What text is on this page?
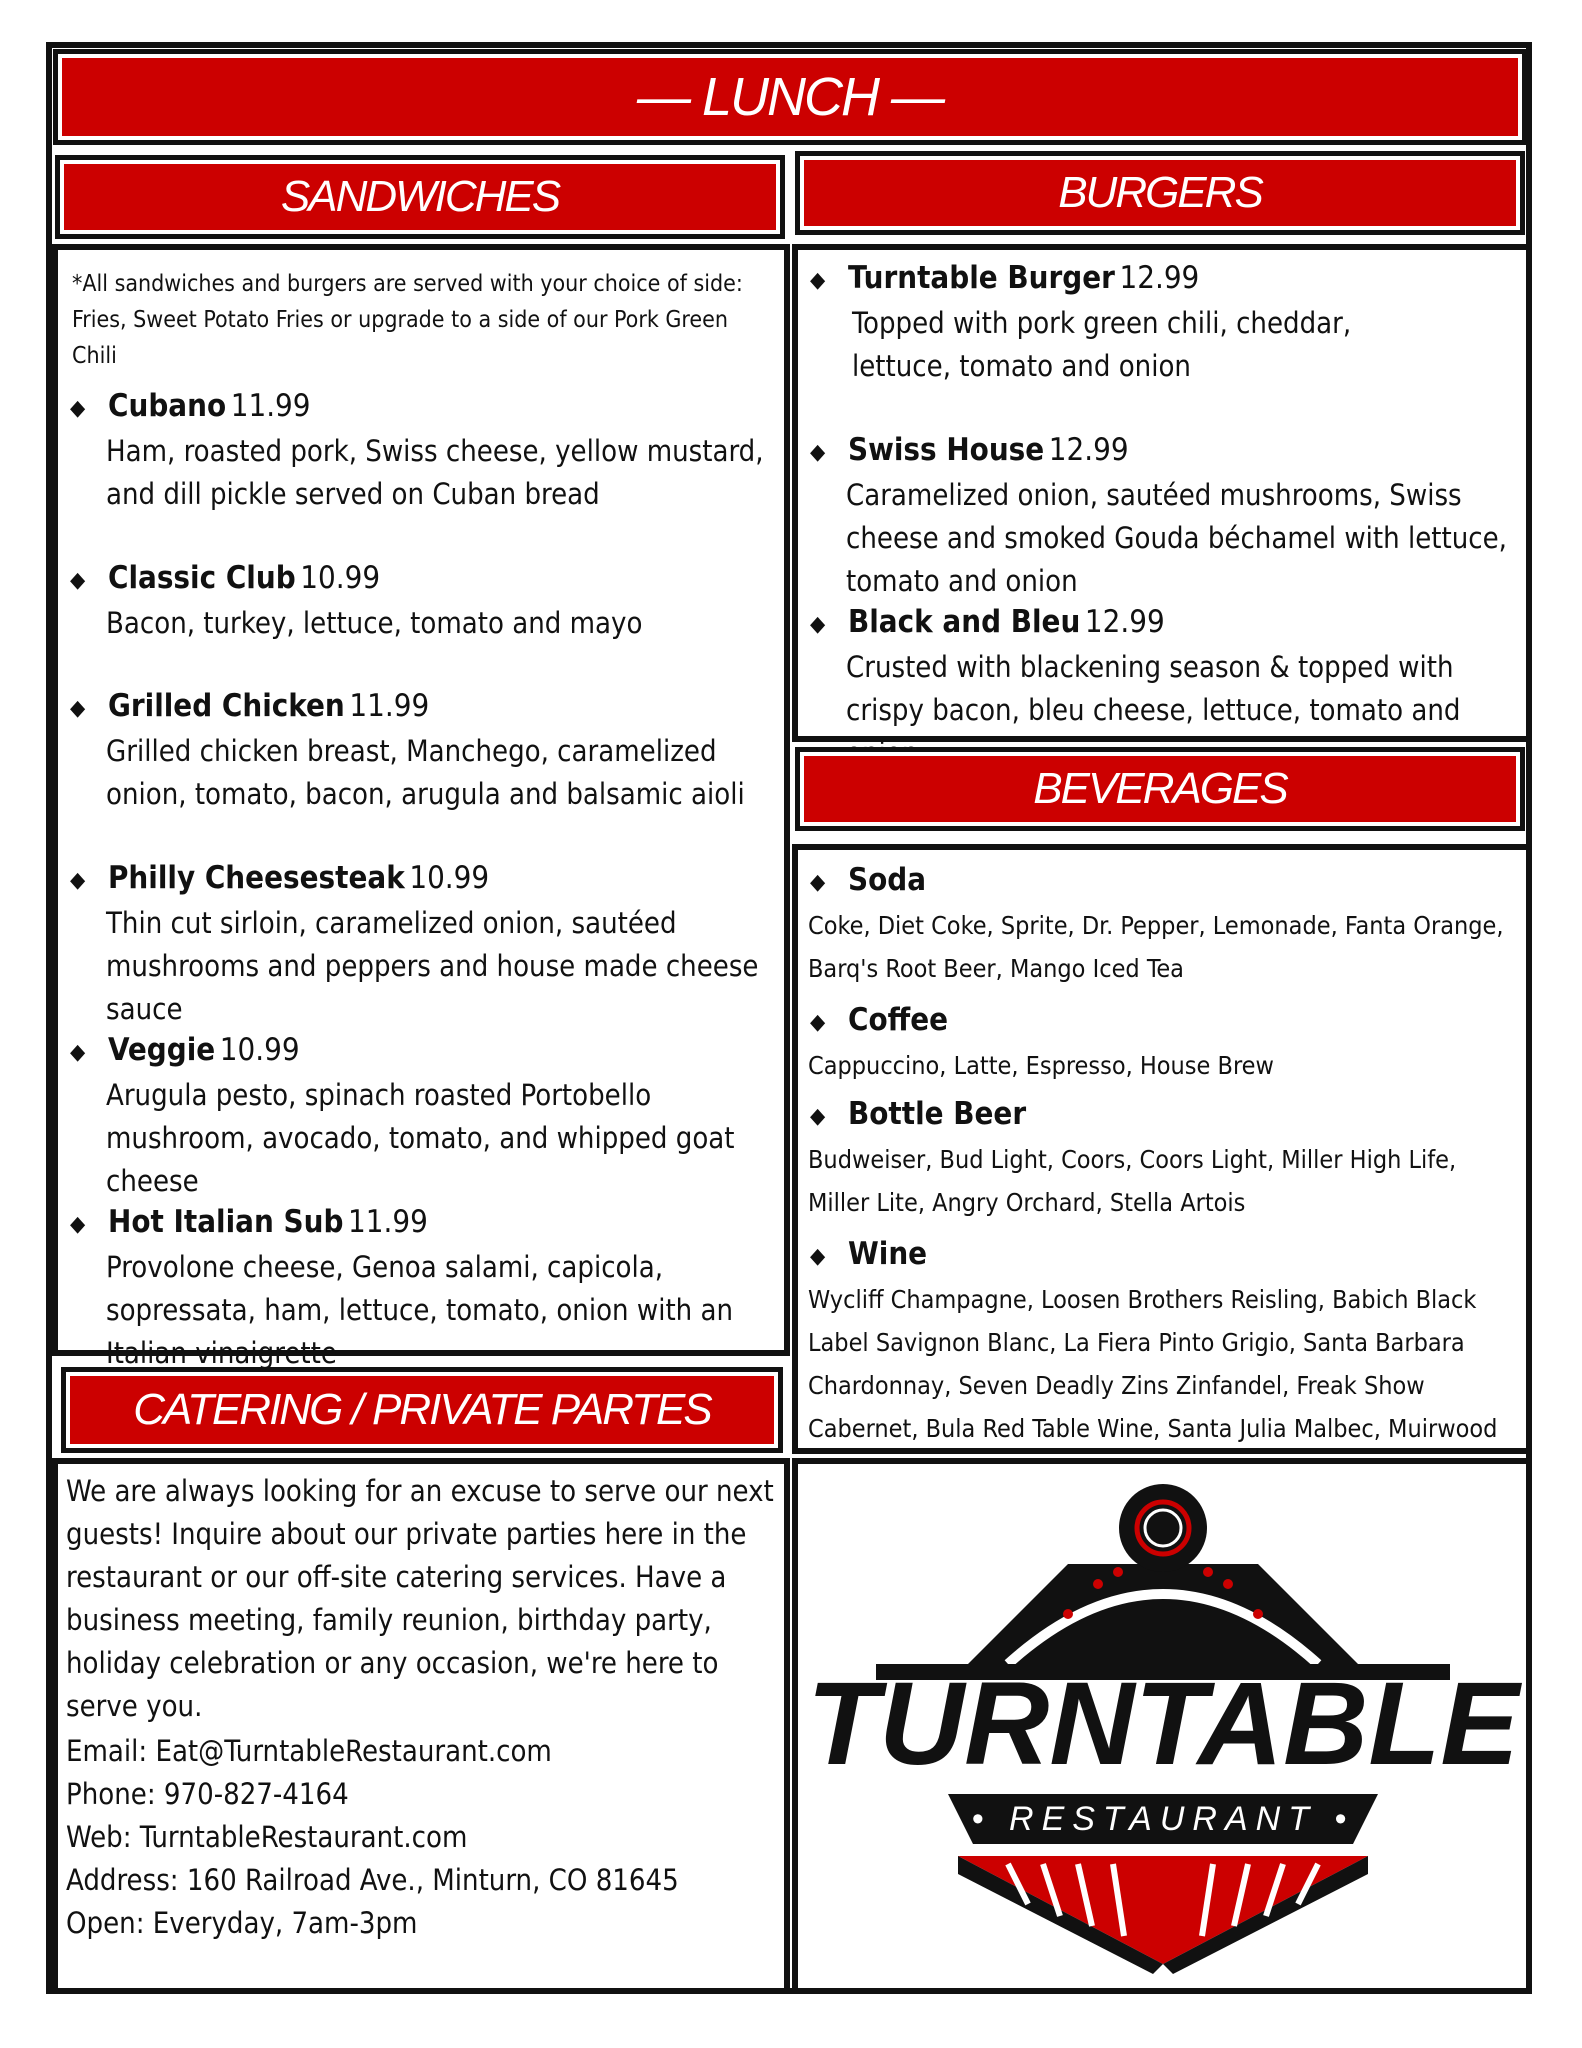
— LUNCH —
SANDWICHES
*All sandwiches and burgers are served with your choice of side: Fries, Sweet Potato Fries or upgrade to a side of our Pork Green Chili
◆ Cubano 11.99
Ham, roasted pork, Swiss cheese, yellow mustard, and dill pickle served on Cuban bread
◆ Classic Club 10.99
Bacon, turkey, lettuce, tomato and mayo
◆ Grilled Chicken 11.99
Grilled chicken breast, Manchego, caramelized onion, tomato, bacon, arugula and balsamic aioli
◆ Philly Cheesesteak 10.99
Thin cut sirloin, caramelized onion, sautéed mushrooms and peppers and house made cheese sauce
◆ Veggie 10.99
Arugula pesto, spinach roasted Portobello mushroom, avocado, tomato, and whipped goat cheese
◆ Hot Italian Sub 11.99
Provolone cheese, Genoa salami, capicola, sopressata, ham, lettuce, tomato, onion with an Italian vinaigrette
BURGERS
◆ Turntable Burger 12.99
Topped with pork green chili, cheddar, lettuce, tomato and onion
◆ Swiss House 12.99
Caramelized onion, sautéed mushrooms, Swiss cheese and smoked Gouda béchamel with lettuce, tomato and onion
◆ Black and Bleu 12.99
Crusted with blackening season & topped with crispy bacon, bleu cheese, lettuce, tomato and
BEVERAGES
◆ Soda
Coke, Diet Coke, Sprite, Dr. Pepper, Lemonade, Fanta Orange, Barq's Root Beer, Mango Iced Tea
◆ Coffee
Cappuccino, Latte, Espresso, House Brew
◆ Bottle Beer
Budweiser, Bud Light, Coors, Coors Light, Miller High Life, Miller Lite, Angry Orchard, Stella Artois
◆ Wine
Wycliff Champagne, Loosen Brothers Reisling, Babich Black Label Savignon Blanc, La Fiera Pinto Grigio, Santa Barbara Chardonnay, Seven Deadly Zins Zinfandel, Freak Show Cabernet, Bula Red Table Wine, Santa Julia Malbec, Muirwood
CATERING / PRIVATE PARTES
We are always looking for an excuse to serve our next guests! Inquire about our private parties here in the restaurant or our off-site catering services. Have a business meeting, family reunion, birthday party, holiday celebration or any occasion, we're here to serve you.
Email: Eat@TurntableRestaurant.com
Phone: 970-827-4164
Web: TurntableRestaurant.com
Address: 160 Railroad Ave., Minturn, CO 81645
Open: Everyday, 7am-3pm
TURNTABLE
• RESTAURANT •
